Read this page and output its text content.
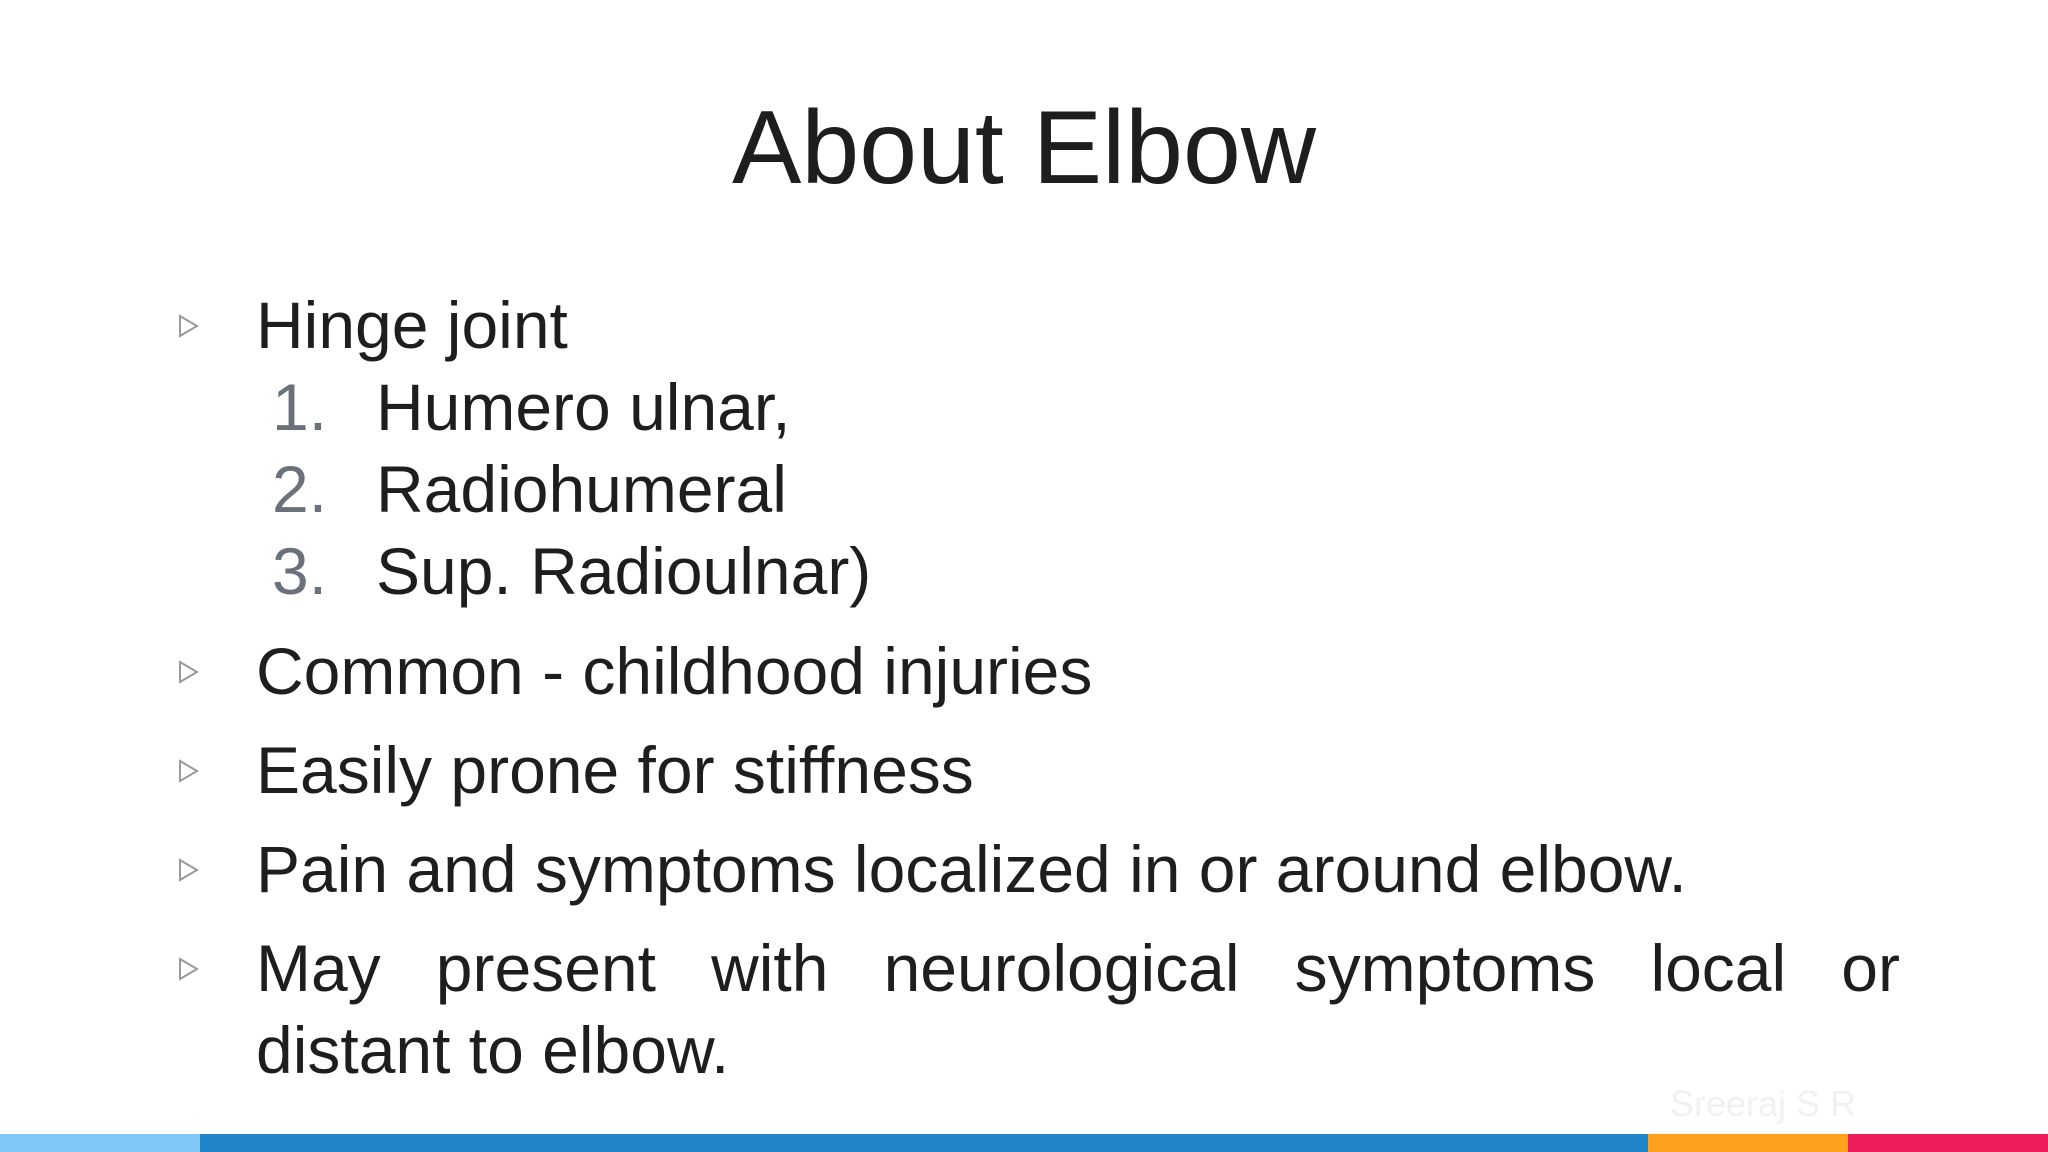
About Elbow
Hinge joint
Common - childhood injuries
Easily prone for stiffness
Pain and symptoms localized in or around elbow.
May present with neurological symptoms local or
distant to elbow.
1. Humero ulnar,
2. Radiohumeral
3. Sup. Radioulnar)
Sreeraj S R
